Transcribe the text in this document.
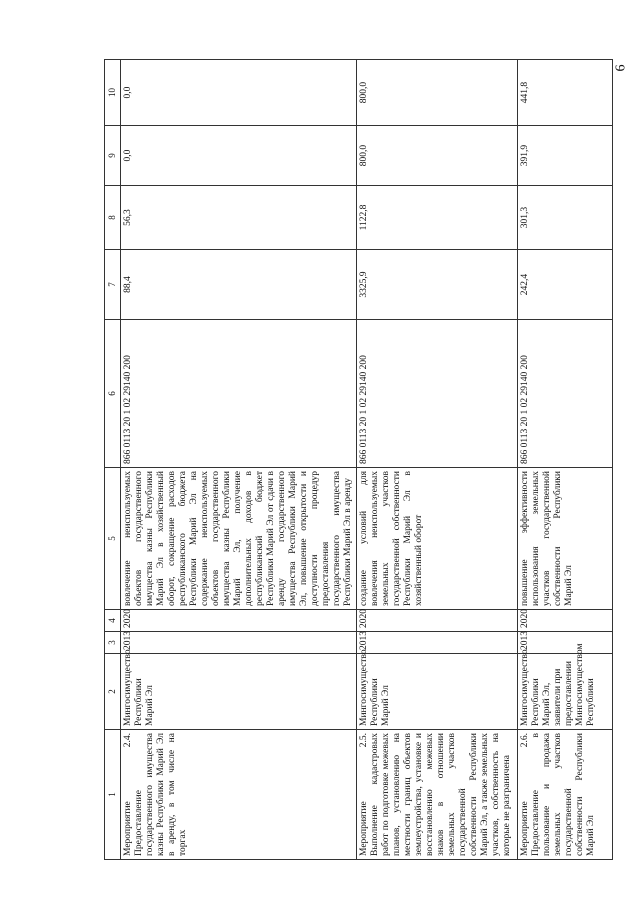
6
1	2	3	4	5	6	7	8	9	10
Мероприятие 2.4. Предоставление государственного имущества казны Республики Марий Эл в аренду, в том числе на торгах	Мингосимущество Республики Марий Эл	2013	2020	вовлечение неиспользуемых объектов государственного имущества казны Республики Марий Эл в хозяйственный оборот, сокращение расходов республиканского бюджета Республики Марий Эл на содержание неиспользуемых объектов государственного имущества казны Республики Марий Эл, получение дополнительных доходов в республиканский бюджет Республики Марий Эл от сдачи в аренду государственного имущества Республики Марий Эл, повышение открытости и доступности процедур предоставления государственного имущества Республики Марий Эл в аренду	866 0113 20 1 02 29140 200	88,4	56,3	0,0	0,0
Мероприятие 2.5. Выполнение кадастровых работ по подготовке межевых планов, установлению на местности границ объектов землеустройства, установке и восстановлению межевых знаков в отношении земельных участков государственной собственности Республики Марий Эл, а также земельных участков, собственность на которые не разграничена	Мингосимущество Республики Марий Эл	2013	2020	создание условий для вовлечения неиспользуемых земельных участков государственной собственности Республики Марий Эл в хозяйственный оборот	866 0113 20 1 02 29140 200	3325,9	1122,8	800,0	800,0
Мероприятие 2.6. Предоставление в пользование и продажа земельных участков государственной собственности Республики Марий Эл	Мингосимущество Республики Марий Эл, заявители при предоставлении Мингосимуществом Республики	2013	2020	повышение эффективности использования земельных участков государственной собственности Республики Марий Эл	866 0113 20 1 02 29140 200	242,4	301,3	391,9	441,8
